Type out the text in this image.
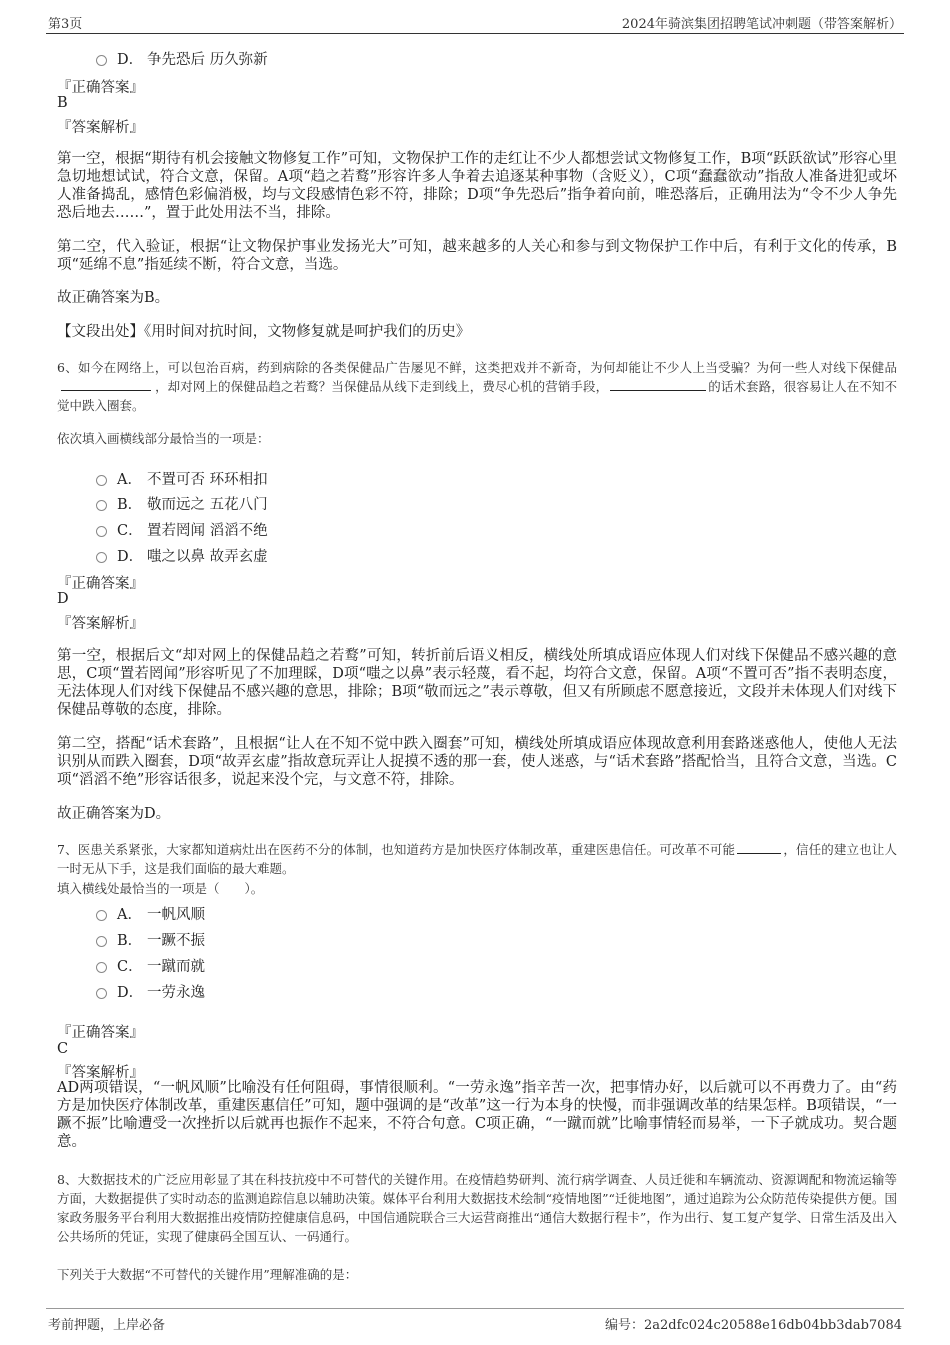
第3页	2024年骑滨集团招聘笔试冲刺题（带答案解析）
D． 争先恐后 历久弥新
『正确答案』
B
『答案解析』
第一空，根据“期待有机会接触文物修复工作”可知，文物保护工作的走红让不少人都想尝试文物修复工作，B项“跃跃欲试”形容心里急切地想试试，符合文意，保留。A项“趋之若鹜”形容许多人争着去追逐某种事物（含贬义），C项“蠢蠢欲动”指敌人准备进犯或坏人准备捣乱，感情色彩偏消极，均与文段感情色彩不符，排除；D项“争先恐后”指争着向前，唯恐落后，正确用法为“令不少人争先恐后地去……”，置于此处用法不当，排除。
第二空，代入验证，根据“让文物保护事业发扬光大”可知，越来越多的人关心和参与到文物保护工作中后，有利于文化的传承，B项“延绵不息”指延续不断，符合文意，当选。
故正确答案为B。
【文段出处】《用时间对抗时间，文物修复就是呵护我们的历史》
6、如今在网络上，可以包治百病，药到病除的各类保健品广告屡见不鲜，这类把戏并不新奇，为何却能让不少人上当受骗？为何一些人对线下保健品，却对网上的保健品趋之若鹜？当保健品从线下走到线上，费尽心机的营销手段，	的话术套路，很容易让人在不知不觉中跌入圈套。
依次填入画横线部分最恰当的一项是：
A． 不置可否 环环相扣
B． 敬而远之 五花八门
C． 置若罔闻 滔滔不绝
D． 嗤之以鼻 故弄玄虚
『正确答案』
D
『答案解析』
第一空，根据后文“却对网上的保健品趋之若鹜”可知，转折前后语义相反，横线处所填成语应体现人们对线下保健品不感兴趣的意思，C项“置若罔闻”形容听见了不加理睬，D项“嗤之以鼻”表示轻蔑，看不起，均符合文意，保留。A项“不置可否”指不表明态度，无法体现人们对线下保健品不感兴趣的意思，排除；B项“敬而远之”表示尊敬，但又有所顾虑不愿意接近，文段并未体现人们对线下保健品尊敬的态度，排除。
第二空，搭配“话术套路”，且根据“让人在不知不觉中跌入圈套”可知，横线处所填成语应体现故意利用套路迷惑他人，使他人无法识别从而跌入圈套，D项“故弄玄虚”指故意玩弄让人捉摸不透的那一套，使人迷惑，与“话术套路”搭配恰当，且符合文意，当选。C项“滔滔不绝”形容话很多，说起来没个完，与文意不符，排除。
故正确答案为D。
7、医患关系紧张，大家都知道病灶出在医药不分的体制，也知道药方是加快医疗体制改革，重建医患信任。可改革不可能	，信任的建立也让人一时无从下手，这是我们面临的最大难题。
填入横线处最恰当的一项是（　　）。
A． 一帆风顺
B． 一蹶不振
C． 一蹴而就
D． 一劳永逸
『正确答案』
C
『答案解析』
AD两项错误，“一帆风顺”比喻没有任何阻碍，事情很顺利。“一劳永逸”指辛苦一次，把事情办好，以后就可以不再费力了。由“药方是加快医疗体制改革，重建医惠信任”可知，题中强调的是“改革”这一行为本身的快慢，而非强调改革的结果怎样。B项错误，“一蹶不振”比喻遭受一次挫折以后就再也振作不起来，不符合句意。C项正确，“一蹴而就”比喻事情轻而易举，一下子就成功。契合题意。
8、大数据技术的广泛应用彰显了其在科技抗疫中不可替代的关键作用。在疫情趋势研判、流行病学调查、人员迁徙和车辆流动、资源调配和物流运输等方面，大数据提供了实时动态的监测追踪信息以辅助决策。媒体平台利用大数据技术绘制“疫情地图”“迁徙地图”，通过追踪为公众防范传染提供方便。国家政务服务平台利用大数据推出疫情防控健康信息码，中国信通院联合三大运营商推出“通信大数据行程卡”，作为出行、复工复产复学、日常生活及出入公共场所的凭证，实现了健康码全国互认、一码通行。
下列关于大数据“不可替代的关键作用”理解准确的是：
考前押题，上岸必备	编号：2a2dfc024c20588e16db04bb3dab7084
